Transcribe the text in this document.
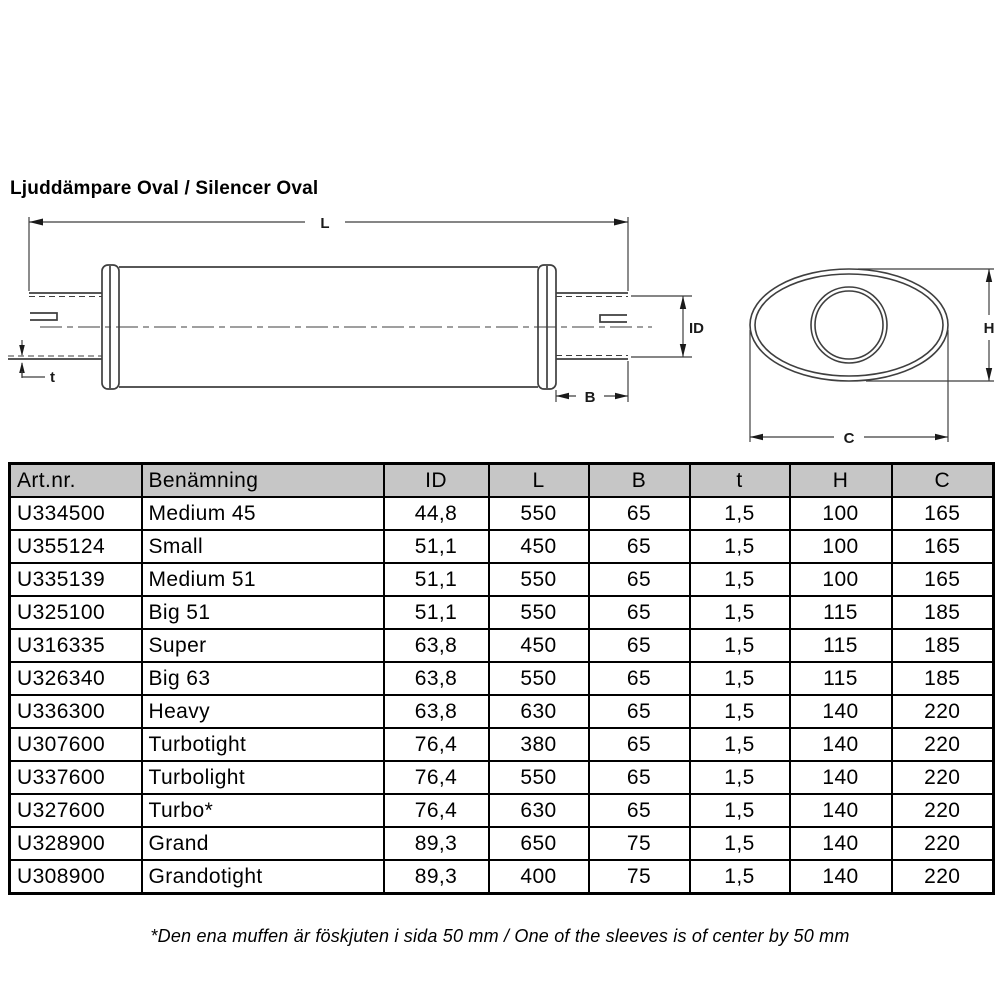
Ljuddämpare Oval / Silencer Oval
L
ID
t
B
H
C
Art.nr.	Benämning	ID	L	B	t	H	C
U334500	Medium 45	44,8	550	65	1,5	100	165
U355124	Small	51,1	450	65	1,5	100	165
U335139	Medium 51	51,1	550	65	1,5	100	165
U325100	Big 51	51,1	550	65	1,5	115	185
U316335	Super	63,8	450	65	1,5	115	185
U326340	Big 63	63,8	550	65	1,5	115	185
U336300	Heavy	63,8	630	65	1,5	140	220
U307600	Turbotight	76,4	380	65	1,5	140	220
U337600	Turbolight	76,4	550	65	1,5	140	220
U327600	Turbo*	76,4	630	65	1,5	140	220
U328900	Grand	89,3	650	75	1,5	140	220
U308900	Grandotight	89,3	400	75	1,5	140	220
*Den ena muffen är föskjuten i sida 50 mm / One of the sleeves is of center by 50 mm
